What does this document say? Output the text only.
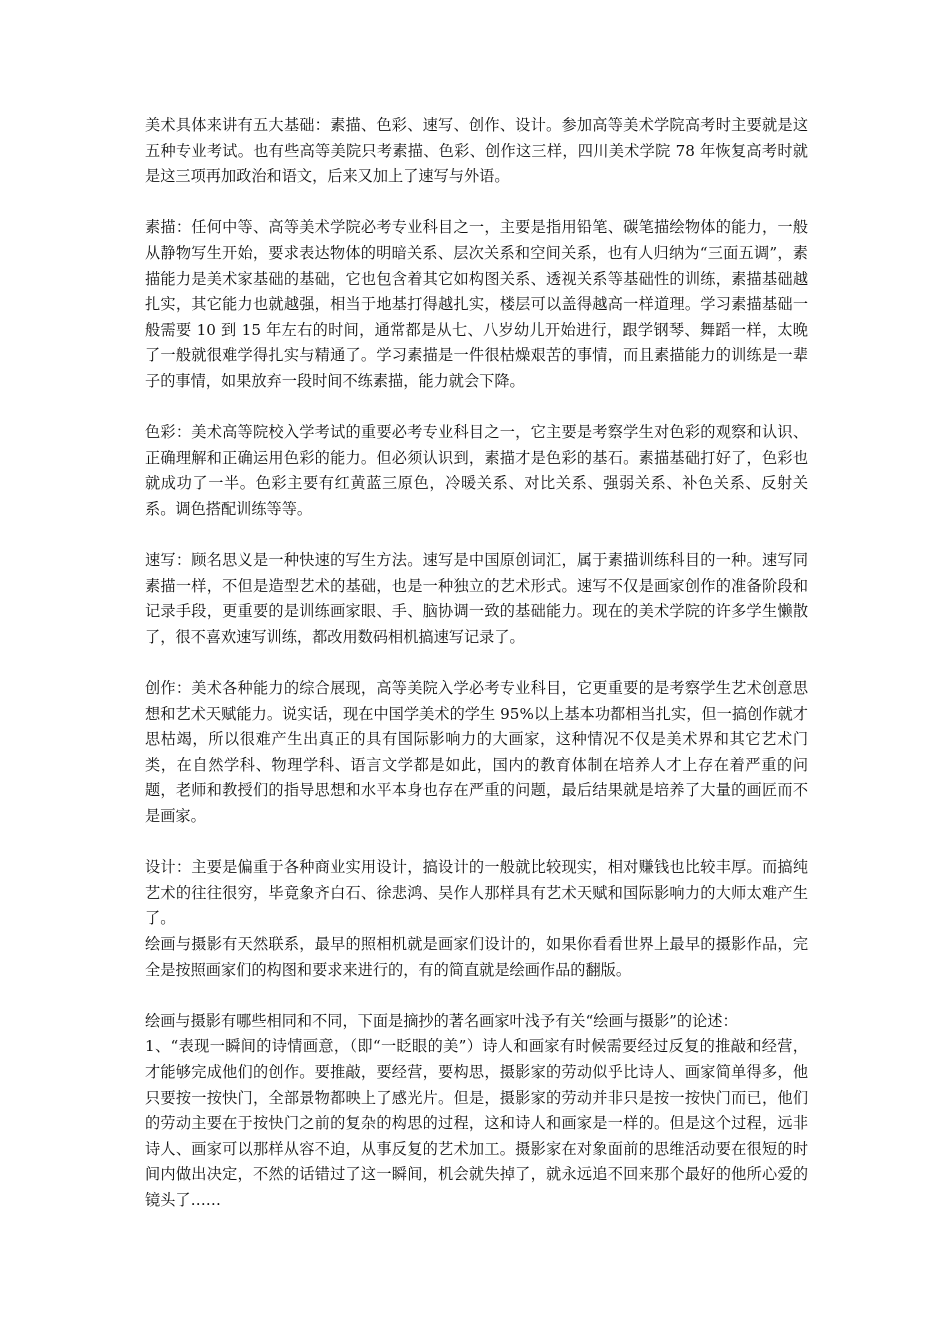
美术具体来讲有五大基础：素描、色彩、速写、创作、设计。参加高等美术学院高考时主要就是这五种专业考试。也有些高等美院只考素描、色彩、创作这三样，四川美术学院 78 年恢复高考时就是这三项再加政治和语文，后来又加上了速写与外语。

素描：任何中等、高等美术学院必考专业科目之一，主要是指用铅笔、碳笔描绘物体的能力，一般从静物写生开始，要求表达物体的明暗关系、层次关系和空间关系，也有人归纳为“三面五调”，素描能力是美术家基础的基础，它也包含着其它如构图关系、透视关系等基础性的训练，素描基础越扎实，其它能力也就越强，相当于地基打得越扎实，楼层可以盖得越高一样道理。学习素描基础一般需要 10 到 15 年左右的时间，通常都是从七、八岁幼儿开始进行，跟学钢琴、舞蹈一样，太晚了一般就很难学得扎实与精通了。学习素描是一件很枯燥艰苦的事情，而且素描能力的训练是一辈子的事情，如果放弃一段时间不练素描，能力就会下降。

色彩：美术高等院校入学考试的重要必考专业科目之一，它主要是考察学生对色彩的观察和认识、正确理解和正确运用色彩的能力。但必须认识到，素描才是色彩的基石。素描基础打好了，色彩也就成功了一半。色彩主要有红黄蓝三原色，冷暖关系、对比关系、强弱关系、补色关系、反射关系。调色搭配训练等等。

速写：顾名思义是一种快速的写生方法。速写是中国原创词汇，属于素描训练科目的一种。速写同素描一样，不但是造型艺术的基础，也是一种独立的艺术形式。速写不仅是画家创作的准备阶段和记录手段，更重要的是训练画家眼、手、脑协调一致的基础能力。现在的美术学院的许多学生懒散了，很不喜欢速写训练，都改用数码相机搞速写记录了。

创作：美术各种能力的综合展现，高等美院入学必考专业科目，它更重要的是考察学生艺术创意思想和艺术天赋能力。说实话，现在中国学美术的学生 95%以上基本功都相当扎实，但一搞创作就才思枯竭，所以很难产生出真正的具有国际影响力的大画家，这种情况不仅是美术界和其它艺术门类，在自然学科、物理学科、语言文学都是如此，国内的教育体制在培养人才上存在着严重的问题，老师和教授们的指导思想和水平本身也存在严重的问题，最后结果就是培养了大量的画匠而不是画家。

设计：主要是偏重于各种商业实用设计，搞设计的一般就比较现实，相对赚钱也比较丰厚。而搞纯艺术的往往很穷，毕竟象齐白石、徐悲鸿、吴作人那样具有艺术天赋和国际影响力的大师太难产生了。

绘画与摄影有天然联系，最早的照相机就是画家们设计的，如果你看看世界上最早的摄影作品，完全是按照画家们的构图和要求来进行的，有的简直就是绘画作品的翻版。

绘画与摄影有哪些相同和不同，下面是摘抄的著名画家叶浅予有关“绘画与摄影”的论述：

1、“表现一瞬间的诗情画意，（即“一眨眼的美”）诗人和画家有时候需要经过反复的推敲和经营，才能够完成他们的创作。要推敲，要经营，要构思，摄影家的劳动似乎比诗人、画家简单得多，他只要按一按快门，全部景物都映上了感光片。但是，摄影家的劳动并非只是按一按快门而已，他们的劳动主要在于按快门之前的复杂的构思的过程，这和诗人和画家是一样的。但是这个过程，远非诗人、画家可以那样从容不迫，从事反复的艺术加工。摄影家在对象面前的思维活动要在很短的时间内做出决定，不然的话错过了这一瞬间，机会就失掉了，就永远追不回来那个最好的他所心爱的镜头了……
